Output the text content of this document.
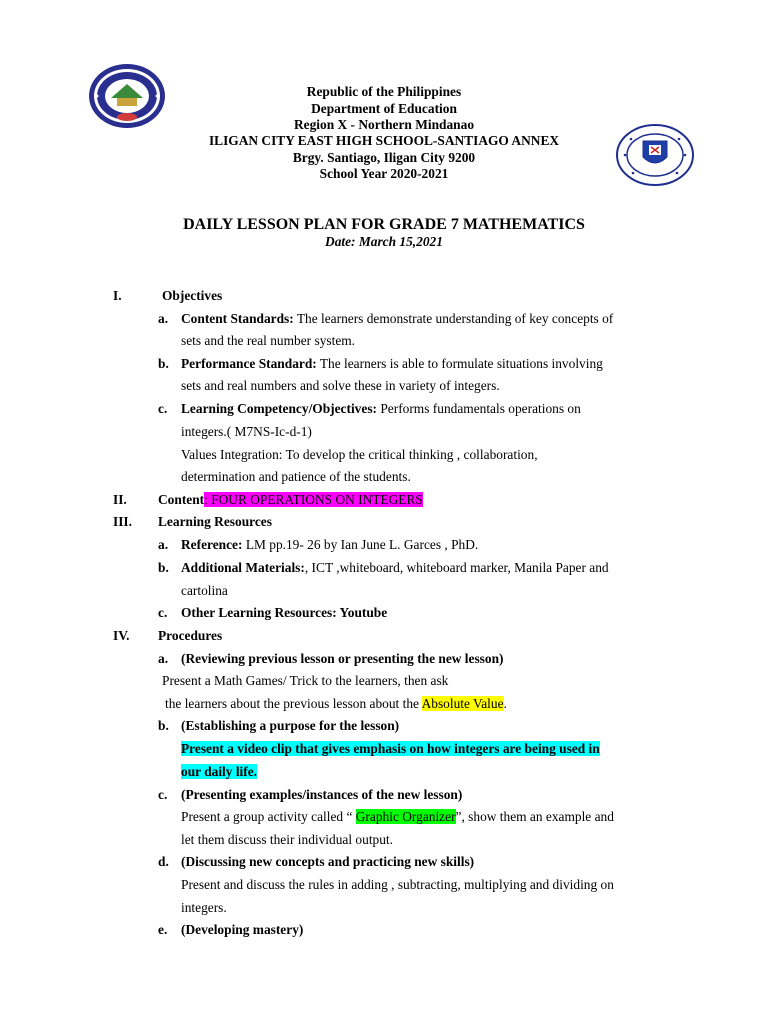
Republic of the Philippines
Department of Education
Region X - Northern Mindanao
ILIGAN CITY EAST HIGH SCHOOL-SANTIAGO ANNEX
Brgy. Santiago, Iligan City 9200
School Year 2020-2021
DAILY LESSON PLAN FOR GRADE 7 MATHEMATICS
Date: March 15,2021
I.	Objectives
a. Content Standards: The learners demonstrate understanding of key concepts of
sets and the real number system.
b. Performance Standard: The learners is able to formulate situations involving
sets and real numbers and solve these in variety of integers.
c. Learning Competency/Objectives: Performs fundamentals operations on
integers.( M7NS-Ic-d-1)
Values Integration: To develop the critical thinking , collaboration,
determination and patience of the students.
II. Content: FOUR OPERATIONS ON INTEGERS
III. Learning Resources
a. Reference: LM pp.19- 26 by Ian June L. Garces , PhD.
b. Additional Materials:, ICT ,whiteboard, whiteboard marker, Manila Paper and
cartolina
c. Other Learning Resources: Youtube
IV. Procedures
a. (Reviewing previous lesson or presenting the new lesson)
Present a Math Games/ Trick to the learners, then ask
the learners about the previous lesson about the Absolute Value.
b. (Establishing a purpose for the lesson)
Present a video clip that gives emphasis on how integers are being used in
our daily life.
c. (Presenting examples/instances of the new lesson)
Present a group activity called “ Graphic Organizer”, show them an example and
let them discuss their individual output.
d. (Discussing new concepts and practicing new skills)
Present and discuss the rules in adding , subtracting, multiplying and dividing on
integers.
e. (Developing mastery)
